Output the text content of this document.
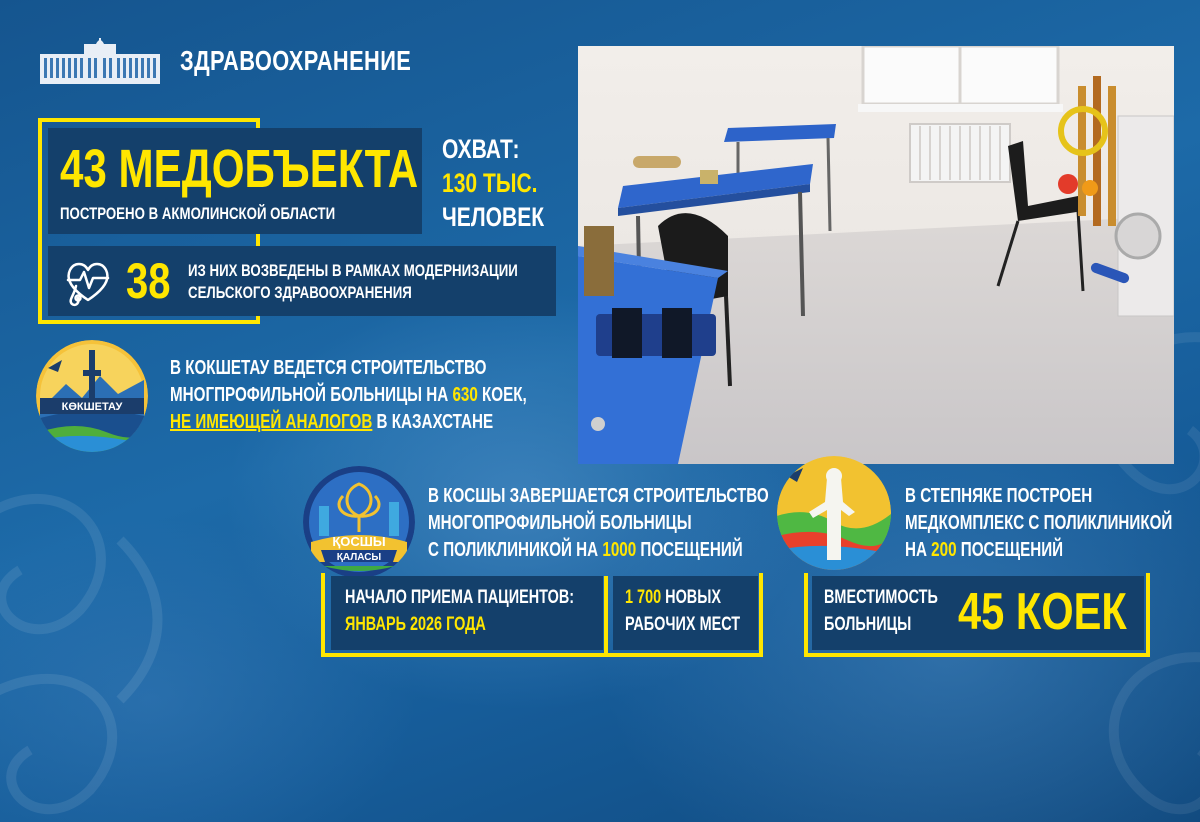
ЗДРАВООХРАНЕНИЕ
43 МЕДОБЪЕКТА
ПОСТРОЕНО В АКМОЛИНСКОЙ ОБЛАСТИ
ОХВАТ:
130 ТЫС.
ЧЕЛОВЕК
38 ИЗ НИХ ВОЗВЕДЕНЫ В РАМКАХ МОДЕРНИЗАЦИИ
СЕЛЬСКОГО ЗДРАВООХРАНЕНИЯ
КӨКШЕТАУ
В КОКШЕТАУ ВЕДЕТСЯ СТРОИТЕЛЬСТВО
МНОГПРОФИЛЬНОЙ БОЛЬНИЦЫ НА 630 КОЕК,
НЕ ИМЕЮЩЕЙ АНАЛОГОВ В КАЗАХСТАНЕ
ҚОСШЫ
ҚАЛАСЫ
В КОСШЫ ЗАВЕРШАЕТСЯ СТРОИТЕЛЬСТВО
МНОГОПРОФИЛЬНОЙ БОЛЬНИЦЫ
С ПОЛИКЛИНИКОЙ НА 1000 ПОСЕЩЕНИЙ
НАЧАЛО ПРИЕМА ПАЦИЕНТОВ:
ЯНВАРЬ 2026 ГОДА
1 700 НОВЫХ
РАБОЧИХ МЕСТ
В СТЕПНЯКЕ ПОСТРОЕН
МЕДКОМПЛЕКС С ПОЛИКЛИНИКОЙ
НА 200 ПОСЕЩЕНИЙ
ВМЕСТИМОСТЬ
БОЛЬНИЦЫ 45 КОЕК
